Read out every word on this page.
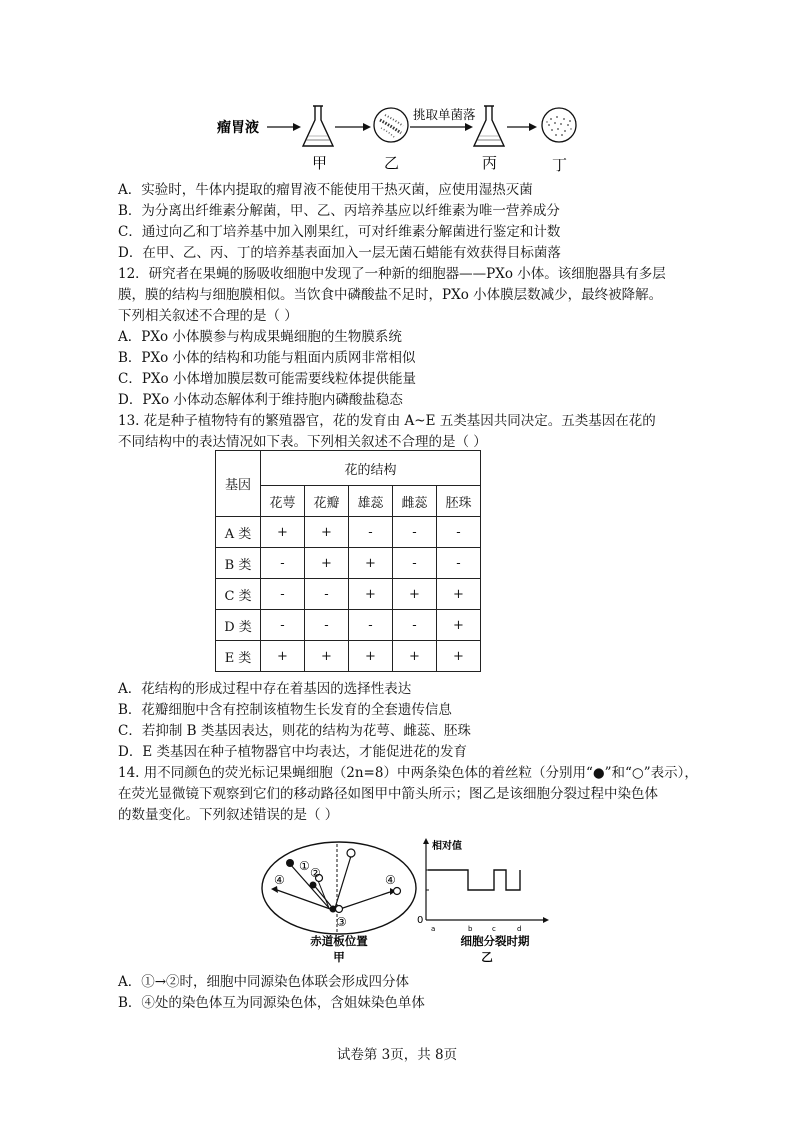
瘤胃液
挑取单菌落
甲	乙	丙	丁
A．实验时，牛体内提取的瘤胃液不能使用干热灭菌，应使用湿热灭菌
B．为分离出纤维素分解菌，甲、乙、丙培养基应以纤维素为唯一营养成分
C．通过向乙和丁培养基中加入刚果红，可对纤维素分解菌进行鉴定和计数
D．在甲、乙、丙、丁的培养基表面加入一层无菌石蜡能有效获得目标菌落
12．研究者在果蝇的肠吸收细胞中发现了一种新的细胞器——PXo 小体。该细胞器具有多层
膜，膜的结构与细胞膜相似。当饮食中磷酸盐不足时，PXo 小体膜层数减少，最终被降解。
下列相关叙述不合理的是（ ）
A．PXo 小体膜参与构成果蝇细胞的生物膜系统
B．PXo 小体的结构和功能与粗面内质网非常相似
C．PXo 小体增加膜层数可能需要线粒体提供能量
D．PXo 小体动态解体利于维持胞内磷酸盐稳态
13. 花是种子植物特有的繁殖器官，花的发育由 A~E 五类基因共同决定。五类基因在花的
不同结构中的表达情况如下表。下列相关叙述不合理的是（ ）
基因	花的结构				
	花萼	花瓣	雄蕊	雌蕊	胚珠
A 类	+	+	-	-	-
B 类	-	+	+	-	-
C 类	-	-	+	+	+
D 类	-	-	-	-	+
E 类	+	+	+	+	+
A．花结构的形成过程中存在着基因的选择性表达
B．花瓣细胞中含有控制该植物生长发育的全套遗传信息
C．若抑制 B 类基因表达，则花的结构为花萼、雌蕊、胚珠
D．E 类基因在种子植物器官中均表达，才能促进花的发育
14. 用不同颜色的荧光标记果蝇细胞（2n=8）中两条染色体的着丝粒（分别用“●”和“○”表示），
在荧光显微镜下观察到它们的移动路径如图甲中箭头所示；图乙是该细胞分裂过程中染色体
的数量变化。下列叙述错误的是（ ）
① ②
③
④	④
赤道板位置
甲
相对值
0
a	b	c	d
细胞分裂时期
乙
A．①→②时，细胞中同源染色体联会形成四分体
B．④处的染色体互为同源染色体，含姐妹染色单体
试卷第 3页，共 8页
